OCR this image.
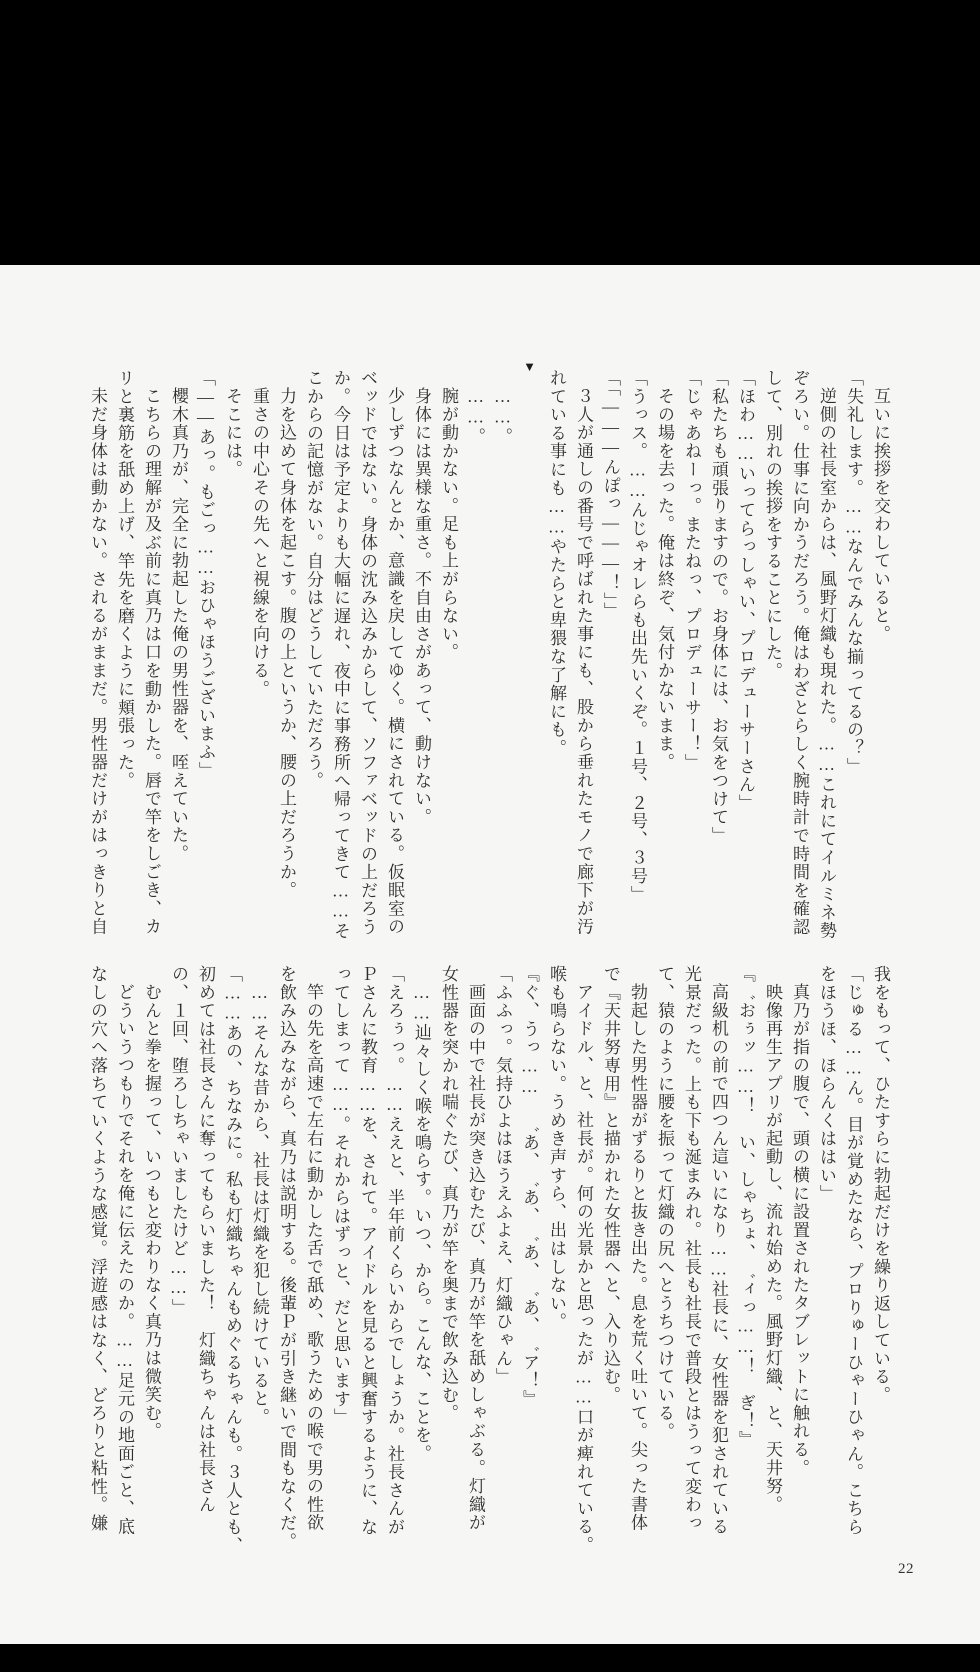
互いに挨拶を交わしていると。
「失礼します。……なんでみんな揃ってるの？」
逆側の社長室からは、風野灯織も現れた。……これにてイルミネ勢
ぞろい。仕事に向かうだろう。俺はわざとらしく腕時計で時間を確認
して、別れの挨拶をすることにした。
「ほわ……いってらっしゃい、プロデューサーさん」
「私たちも頑張りますので。お身体には、お気をつけて」
「じゃあねーっ。またねっ、プロデューサー！」
その場を去った。俺は終ぞ、気付かないまま。
「うっス。……んじゃオレらも出先いくぞ。１号、２号、３号」
「「―――んぽっ―――！」」
３人が通しの番号で呼ばれた事にも、股から垂れたモノで廊下が汚
れている事にも……やたらと卑猥な了解にも。
▼
……。
……。
腕が動かない。足も上がらない。
身体には異様な重さ。不自由さがあって、動けない。
少しずつなんとか、意識を戻してゆく。横にされている。仮眠室の
ベッドではない。身体の沈み込みからして、ソファベッドの上だろう
か。今日は予定よりも大幅に遅れ、夜中に事務所へ帰ってきて……そ
こからの記憶がない。自分はどうしていただろう。
力を込めて身体を起こす。腹の上というか、腰の上だろうか。
重さの中心その先へと視線を向ける。
そこには。
「――あっ。もごっ……おひゃほうございまふ」
櫻木真乃が、完全に勃起した俺の男性器を、咥えていた。
こちらの理解が及ぶ前に真乃は口を動かした。唇で竿をしごき、カ
リと裏筋を舐め上げ、竿先を磨くように頬張った。
未だ身体は動かない。されるがままだ。男性器だけがはっきりと自
我をもって、ひたすらに勃起だけを繰り返している。
「じゅる……ん。目が覚めたなら、プロりゅーひゃーひゃん。こちら
をほうほ、ほらんくははい」
真乃が指の腹で、頭の横に設置されたタブレットに触れる。
映像再生アプリが起動し、流れ始めた。風野灯織、と、天井努。
『゛おぅッ……！　い、しゃちょ、゛ィっ……！　ぎ！』
高級机の前で四つん這いになり……社長に、女性器を犯されている
光景だった。上も下も涎まみれ。社長も社長で普段とはうって変わっ
て、猿のように腰を振って灯織の尻へとうちつけている。
勃起した男性器がずるりと抜き出た。息を荒く吐いて。尖った書体
で『天井努専用』と描かれた女性器へと、入り込む。
アイドル、と、社長が。何の光景かと思ったが……口が痺れている。
喉も鳴らない。うめき声すら、出はしない。
『ぐ、うっ……　゛あ、゛あ、゛あ、゛あ、゛ア！』
「ふふっ。気持ひよはほうえふよえ、灯織ひゃん」
画面の中で社長が突き込むたび、真乃が竿を舐めしゃぶる。灯織が
女性器を突かれ喘ぐたび、真乃が竿を奥まで飲み込む。
……辿々しく喉を鳴らす。いつ、から。こんな、ことを。
「えろぅっ。……ええと、半年前くらいからでしょうか。社長さんが
Ｐさんに教育……を、されて。アイドルを見ると興奮するように、な
ってしまって……。それからはずっと、だと思います」
竿の先を高速で左右に動かした舌で舐め、歌うための喉で男の性欲
を飲み込みながら、真乃は説明する。後輩Ｐが引き継いで間もなくだ。
……そんな昔から、社長は灯織を犯し続けていると。
「……あの、ちなみに。私も灯織ちゃんもめぐるちゃんも。３人とも、
初めては社長さんに奪ってもらいました！　灯織ちゃんは社長さん
の、１回、堕ろしちゃいましたけど……」
むんと拳を握って、いつもと変わりなく真乃は微笑む。
どういうつもりでそれを俺に伝えたのか。……足元の地面ごと、底
なしの穴へ落ちていくような感覚。浮遊感はなく、どろりと粘性。嫌
22
